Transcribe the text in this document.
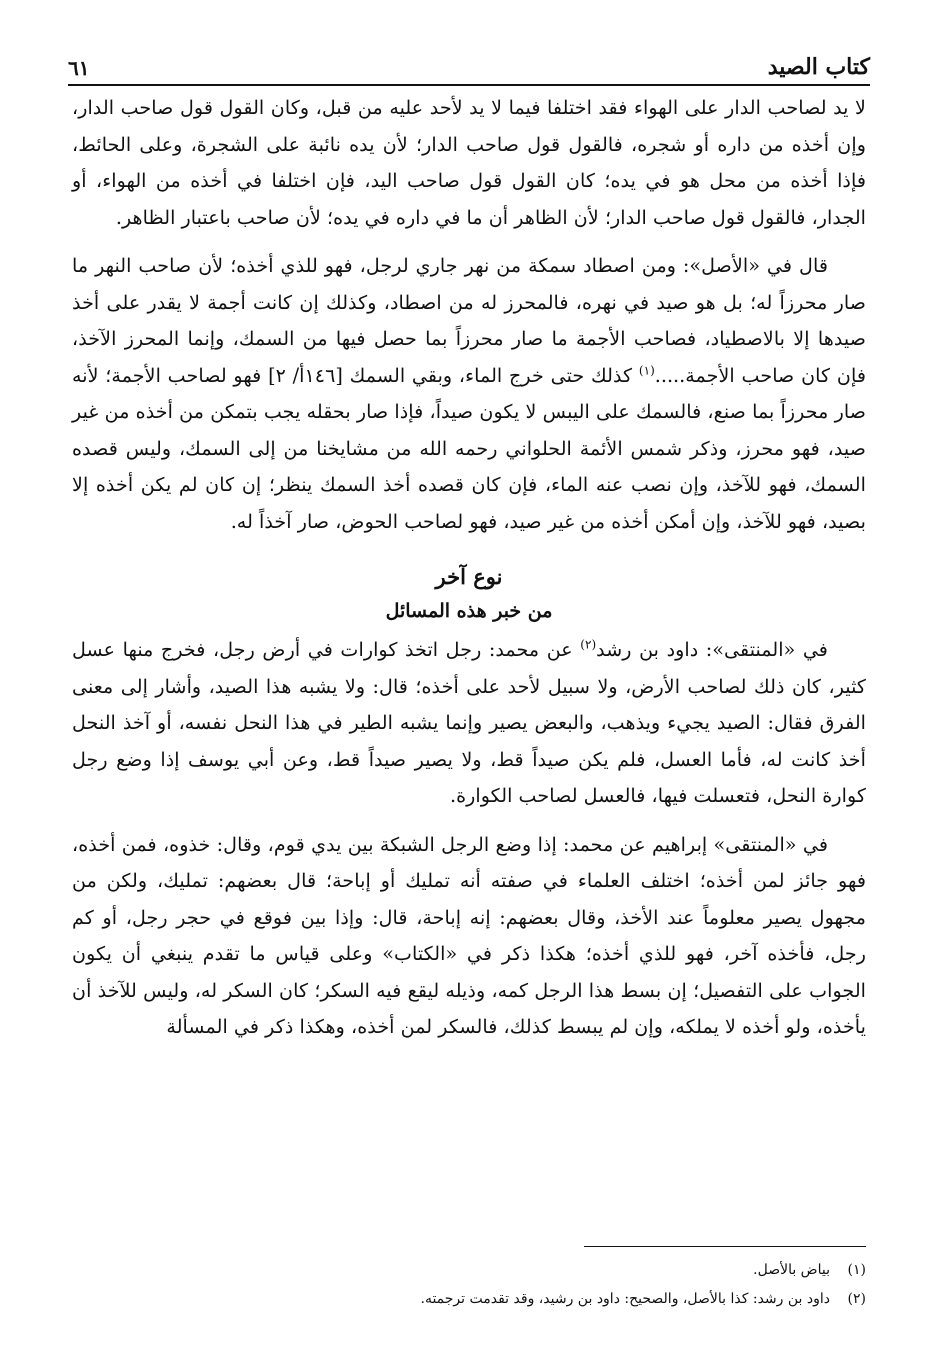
٦١	كتاب الصيد

لا يد لصاحب الدار على الهواء فقد اختلفا فيما لا يد لأحد عليه من قبل، وكان القول قول صاحب الدار، وإن أخذه من داره أو شجره، فالقول قول صاحب الدار؛ لأن يده نائبة على الشجرة، وعلى الحائط، فإذا أخذه من محل هو في يده؛ كان القول قول صاحب اليد، فإن اختلفا في أخذه من الهواء، أو الجدار، فالقول قول صاحب الدار؛ لأن الظاهر أن ما في داره في يده؛ لأن صاحب باعتبار الظاهر.

قال في «الأصل»: ومن اصطاد سمكة من نهر جاري لرجل، فهو للذي أخذه؛ لأن صاحب النهر ما صار محرزاً له؛ بل هو صيد في نهره، فالمحرز له من اصطاد، وكذلك إن كانت أجمة لا يقدر على أخذ صيدها إلا بالاصطياد، فصاحب الأجمة ما صار محرزاً بما حصل فيها من السمك، وإنما المحرز الآخذ، فإن كان صاحب الأجمة.....$^{(١)}$ كذلك حتى خرج الماء، وبقي السمك [١٤٦أ/ ٢] فهو لصاحب الأجمة؛ لأنه صار محرزاً بما صنع، فالسمك على اليبس لا يكون صيداً، فإذا صار بحقله يجب بتمكن من أخذه من غير صيد، فهو محرز، وذكر شمس الأئمة الحلواني رحمه الله من مشايخنا من إلى السمك، وليس قصده السمك، فهو للآخذ، وإن نصب عنه الماء، فإن كان قصده أخذ السمك ينظر؛ إن كان لم يكن أخذه إلا بصيد، فهو للآخذ، وإن أمكن أخذه من غير صيد، فهو لصاحب الحوض، صار آخذاً له.

نوع آخر
من خبر هذه المسائل

في «المنتقى»: داود بن رشد$^{(٢)}$ عن محمد: رجل اتخذ كوارات في أرض رجل، فخرج منها عسل كثير، كان ذلك لصاحب الأرض، ولا سبيل لأحد على أخذه؛ قال: ولا يشبه هذا الصيد، وأشار إلى معنى الفرق فقال: الصيد يجيء ويذهب، والبعض يصير وإنما يشبه الطير في هذا النحل نفسه، أو آخذ النحل أخذ كانت له، فأما العسل، فلم يكن صيداً قط، ولا يصير صيداً قط، وعن أبي يوسف إذا وضع رجل كوارة النحل، فتعسلت فيها، فالعسل لصاحب الكوارة.

في «المنتقى» إبراهيم عن محمد: إذا وضع الرجل الشبكة بين يدي قوم، وقال: خذوه، فمن أخذه، فهو جائز لمن أخذه؛ اختلف العلماء في صفته أنه تمليك أو إباحة؛ قال بعضهم: تمليك، ولكن من مجهول يصير معلوماً عند الأخذ، وقال بعضهم: إنه إباحة، قال: وإذا بين فوقع في حجر رجل، أو كم رجل، فأخذه آخر، فهو للذي أخذه؛ هكذا ذكر في «الكتاب» وعلى قياس ما تقدم ينبغي أن يكون الجواب على التفصيل؛ إن بسط هذا الرجل كمه، وذيله ليقع فيه السكر؛ كان السكر له، وليس للآخذ أن يأخذه، ولو أخذه لا يملكه، وإن لم يبسط كذلك، فالسكر لمن أخذه، وهكذا ذكر في المسألة

(١)
بياض بالأصل.
(٢)
داود بن رشد: كذا بالأصل، والصحيح: داود بن رشيد، وقد تقدمت ترجمته.
